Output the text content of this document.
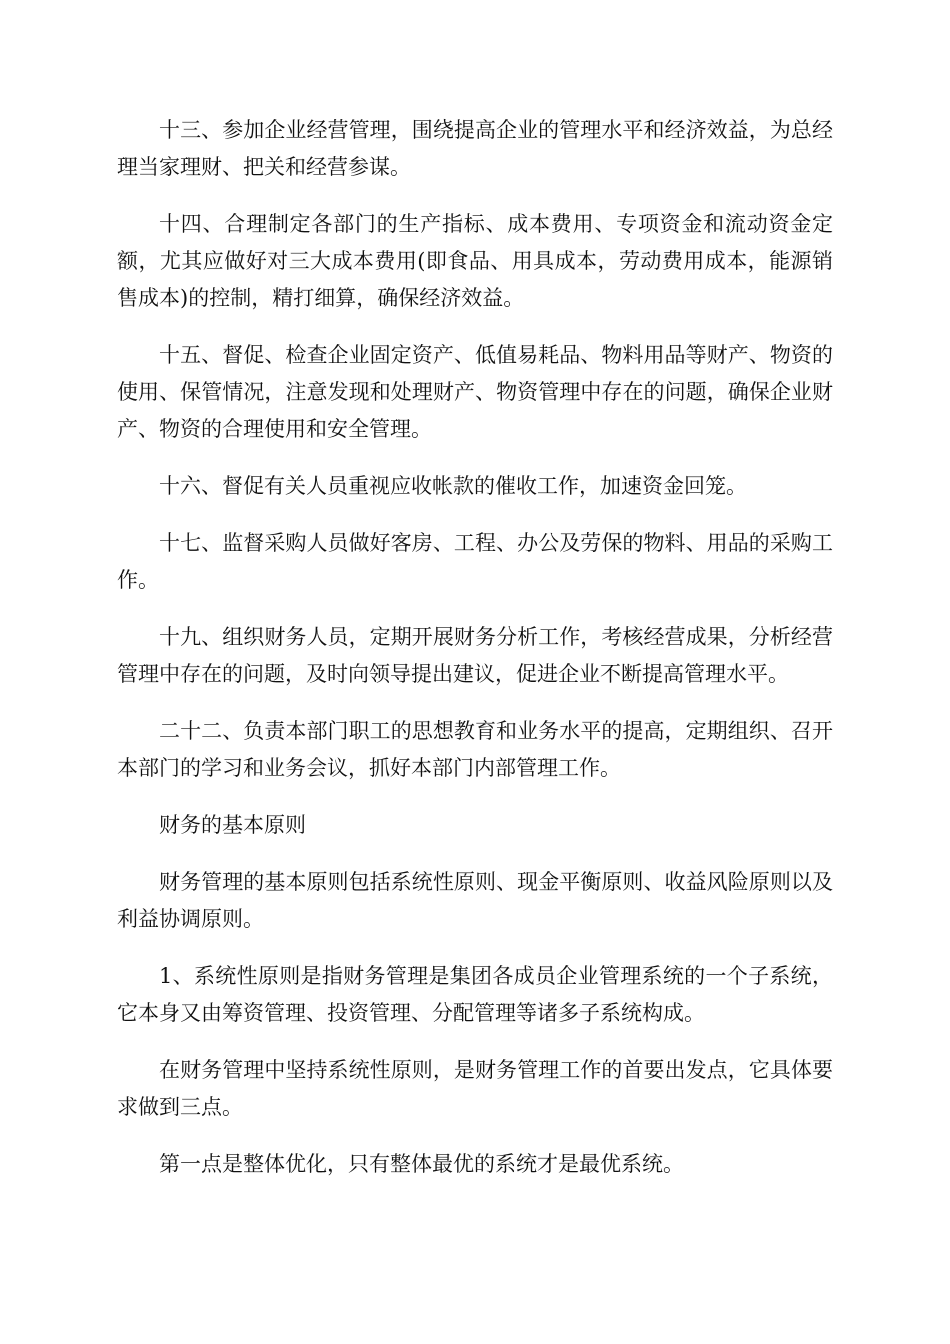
十三、参加企业经营管理，围绕提高企业的管理水平和经济效益，为总经理当家理财、把关和经营参谋。

十四、合理制定各部门的生产指标、成本费用、专项资金和流动资金定额，尤其应做好对三大成本费用(即食品、用具成本，劳动费用成本，能源销售成本)的控制，精打细算，确保经济效益。

十五、督促、检查企业固定资产、低值易耗品、物料用品等财产、物资的使用、保管情况，注意发现和处理财产、物资管理中存在的问题，确保企业财产、物资的合理使用和安全管理。

十六、督促有关人员重视应收帐款的催收工作，加速资金回笼。

十七、监督采购人员做好客房、工程、办公及劳保的物料、用品的采购工作。

十九、组织财务人员，定期开展财务分析工作，考核经营成果，分析经营管理中存在的问题，及时向领导提出建议，促进企业不断提高管理水平。

二十二、负责本部门职工的思想教育和业务水平的提高，定期组织、召开本部门的学习和业务会议，抓好本部门内部管理工作。

财务的基本原则

财务管理的基本原则包括系统性原则、现金平衡原则、收益风险原则以及利益协调原则。

1、系统性原则是指财务管理是集团各成员企业管理系统的一个子系统，它本身又由筹资管理、投资管理、分配管理等诸多子系统构成。

在财务管理中坚持系统性原则，是财务管理工作的首要出发点，它具体要求做到三点。

第一点是整体优化，只有整体最优的系统才是最优系统。
